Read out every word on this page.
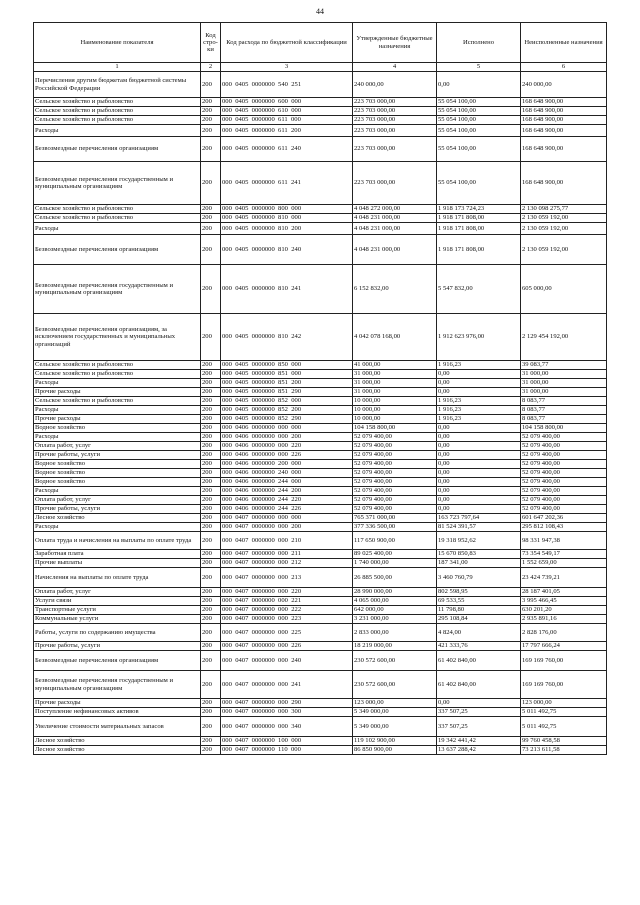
44
Наименование показателя	Код стро- ки	Код расхода по бюджетной классификации	Утвержденные бюджетные назначения	Исполнено	Неисполненные назначения
1	2	3	4	5	6
Перечисления другим бюджетам бюджетной системы Российской Федерации	200	000  0405  0000000  540  251	240 000,00	0,00	240 000,00
Сельское хозяйство и рыболовство	200	000  0405  0000000  600  000	223 703 000,00	55 054 100,00	168 648 900,00
Сельское хозяйство и рыболовство	200	000  0405  0000000  610  000	223 703 000,00	55 054 100,00	168 648 900,00
Сельское хозяйство и рыболовство	200	000  0405  0000000  611  000	223 703 000,00	55 054 100,00	168 648 900,00
Расходы	200	000  0405  0000000  611  200	223 703 000,00	55 054 100,00	168 648 900,00
Безвозмездные перечисления организациям	200	000  0405  0000000  611  240	223 703 000,00	55 054 100,00	168 648 900,00
Безвозмездные перечисления государственным и муниципальным организациям	200	000  0405  0000000  611  241	223 703 000,00	55 054 100,00	168 648 900,00
Сельское хозяйство и рыболовство	200	000  0405  0000000  800  000	4 048 272 000,00	1 918 173 724,23	2 130 098 275,77
Сельское хозяйство и рыболовство	200	000  0405  0000000  810  000	4 048 231 000,00	1 918 171 808,00	2 130 059 192,00
Расходы	200	000  0405  0000000  810  200	4 048 231 000,00	1 918 171 808,00	2 130 059 192,00
Безвозмездные перечисления организациям	200	000  0405  0000000  810  240	4 048 231 000,00	1 918 171 808,00	2 130 059 192,00
Безвозмездные перечисления государственным и муниципальным организациям	200	000  0405  0000000  810  241	6 152 832,00	5 547 832,00	605 000,00
Безвозмездные перечисления организациям, за исключением государственных и муниципальных организаций	200	000  0405  0000000  810  242	4 042 078 168,00	1 912 623 976,00	2 129 454 192,00
Сельское хозяйство и рыболовство	200	000  0405  0000000  850  000	41 000,00	1 916,23	39 083,77
Сельское хозяйство и рыболовство	200	000  0405  0000000  851  000	31 000,00	0,00	31 000,00
Расходы	200	000  0405  0000000  851  200	31 000,00	0,00	31 000,00
Прочие расходы	200	000  0405  0000000  851  290	31 000,00	0,00	31 000,00
Сельское хозяйство и рыболовство	200	000  0405  0000000  852  000	10 000,00	1 916,23	8 083,77
Расходы	200	000  0405  0000000  852  200	10 000,00	1 916,23	8 083,77
Прочие расходы	200	000  0405  0000000  852  290	10 000,00	1 916,23	8 083,77
Водное хозяйство	200	000  0406  0000000  000  000	104 158 800,00	0,00	104 158 800,00
Расходы	200	000  0406  0000000  000  200	52 079 400,00	0,00	52 079 400,00
Оплата работ, услуг	200	000  0406  0000000  000  220	52 079 400,00	0,00	52 079 400,00
Прочие работы, услуги	200	000  0406  0000000  000  226	52 079 400,00	0,00	52 079 400,00
Водное хозяйство	200	000  0406  0000000  200  000	52 079 400,00	0,00	52 079 400,00
Водное хозяйство	200	000  0406  0000000  240  000	52 079 400,00	0,00	52 079 400,00
Водное хозяйство	200	000  0406  0000000  244  000	52 079 400,00	0,00	52 079 400,00
Расходы	200	000  0406  0000000  244  200	52 079 400,00	0,00	52 079 400,00
Оплата работ, услуг	200	000  0406  0000000  244  220	52 079 400,00	0,00	52 079 400,00
Прочие работы, услуги	200	000  0406  0000000  244  226	52 079 400,00	0,00	52 079 400,00
Лесное хозяйство	200	000  0407  0000000  000  000	765 371 000,00	163 723 797,64	601 647 202,36
Расходы	200	000  0407  0000000  000  200	377 336 500,00	81 524 391,57	295 812 108,43
Оплата труда и начисления на выплаты по оплате труда	200	000  0407  0000000  000  210	117 650 900,00	19 318 952,62	98 331 947,38
Заработная плата	200	000  0407  0000000  000  211	89 025 400,00	15 670 850,83	73 354 549,17
Прочие выплаты	200	000  0407  0000000  000  212	1 740 000,00	187 341,00	1 552 659,00
Начисления на выплаты по оплате труда	200	000  0407  0000000  000  213	26 885 500,00	3 460 760,79	23 424 739,21
Оплата работ, услуг	200	000  0407  0000000  000  220	28 990 000,00	802 598,95	28 187 401,05
Услуги связи	200	000  0407  0000000  000  221	4 065 000,00	69 533,55	3 995 466,45
Транспортные услуги	200	000  0407  0000000  000  222	642 000,00	11 798,80	630 201,20
Коммунальные услуги	200	000  0407  0000000  000  223	3 231 000,00	295 108,84	2 935 891,16
Работы, услуги по содержанию имущества	200	000  0407  0000000  000  225	2 833 000,00	4 824,00	2 828 176,00
Прочие работы, услуги	200	000  0407  0000000  000  226	18 219 000,00	421 333,76	17 797 666,24
Безвозмездные перечисления организациям	200	000  0407  0000000  000  240	230 572 600,00	61 402 840,00	169 169 760,00
Безвозмездные перечисления государственным и муниципальным организациям	200	000  0407  0000000  000  241	230 572 600,00	61 402 840,00	169 169 760,00
Прочие расходы	200	000  0407  0000000  000  290	123 000,00	0,00	123 000,00
Поступление нефинансовых активов	200	000  0407  0000000  000  300	5 349 000,00	337 507,25	5 011 492,75
Увеличение стоимости материальных запасов	200	000  0407  0000000  000  340	5 349 000,00	337 507,25	5 011 492,75
Лесное хозяйство	200	000  0407  0000000  100  000	119 102 900,00	19 342 441,42	99 760 458,58
Лесное хозяйство	200	000  0407  0000000  110  000	86 850 900,00	13 637 288,42	73 213 611,58
